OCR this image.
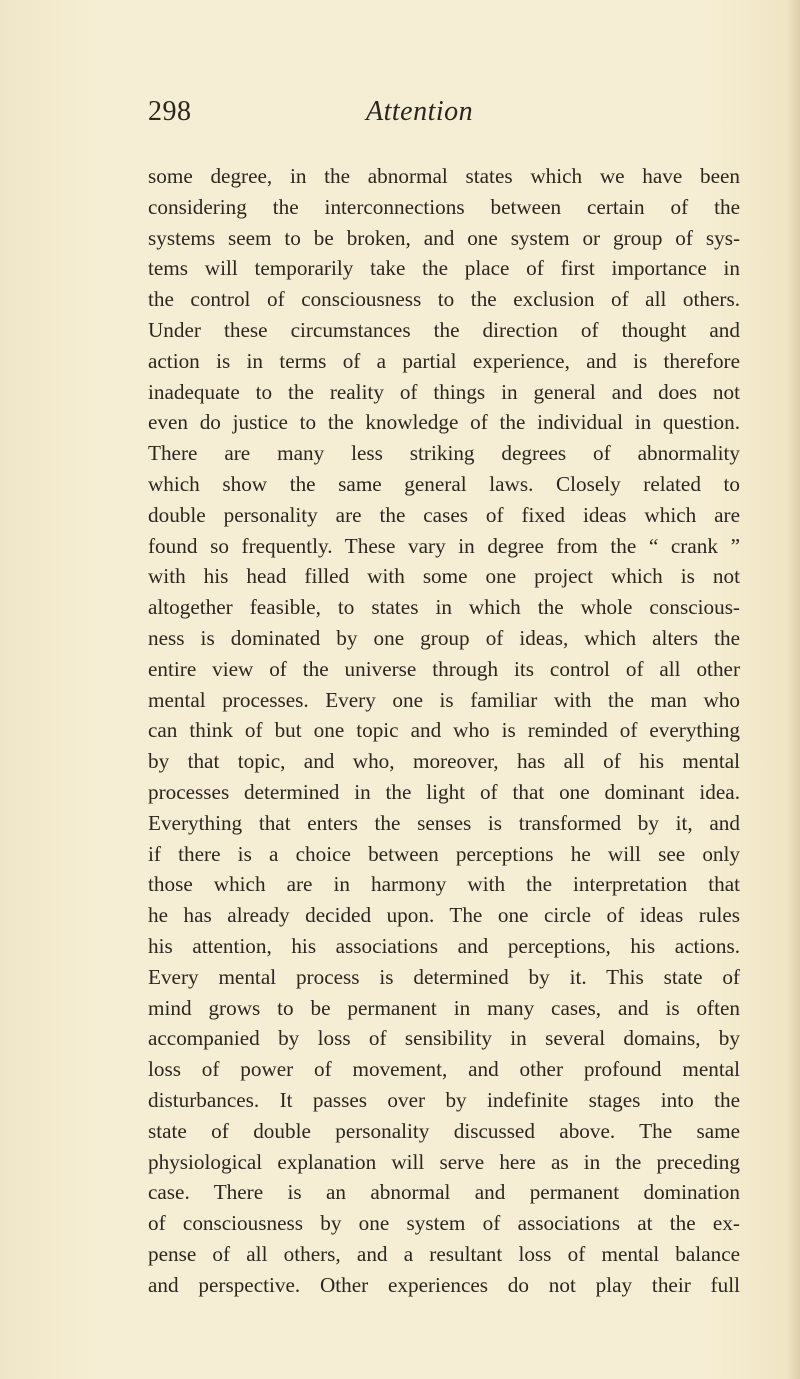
298	Attention
some degree, in the abnormal states which we have been
considering the interconnections between certain of the
systems seem to be broken, and one system or group of sys-
tems will temporarily take the place of first importance in
the control of consciousness to the exclusion of all others.
Under these circumstances the direction of thought and
action is in terms of a partial experience, and is therefore
inadequate to the reality of things in general and does not
even do justice to the knowledge of the individual in question.
There are many less striking degrees of abnormality
which show the same general laws. Closely related to
double personality are the cases of fixed ideas which are
found so frequently. These vary in degree from the “ crank ”
with his head filled with some one project which is not
altogether feasible, to states in which the whole conscious-
ness is dominated by one group of ideas, which alters the
entire view of the universe through its control of all other
mental processes. Every one is familiar with the man who
can think of but one topic and who is reminded of everything
by that topic, and who, moreover, has all of his mental
processes determined in the light of that one dominant idea.
Everything that enters the senses is transformed by it, and
if there is a choice between perceptions he will see only
those which are in harmony with the interpretation that
he has already decided upon. The one circle of ideas rules
his attention, his associations and perceptions, his actions.
Every mental process is determined by it. This state of
mind grows to be permanent in many cases, and is often
accompanied by loss of sensibility in several domains, by
loss of power of movement, and other profound mental
disturbances. It passes over by indefinite stages into the
state of double personality discussed above. The same
physiological explanation will serve here as in the preceding
case. There is an abnormal and permanent domination
of consciousness by one system of associations at the ex-
pense of all others, and a resultant loss of mental balance
and perspective. Other experiences do not play their full
